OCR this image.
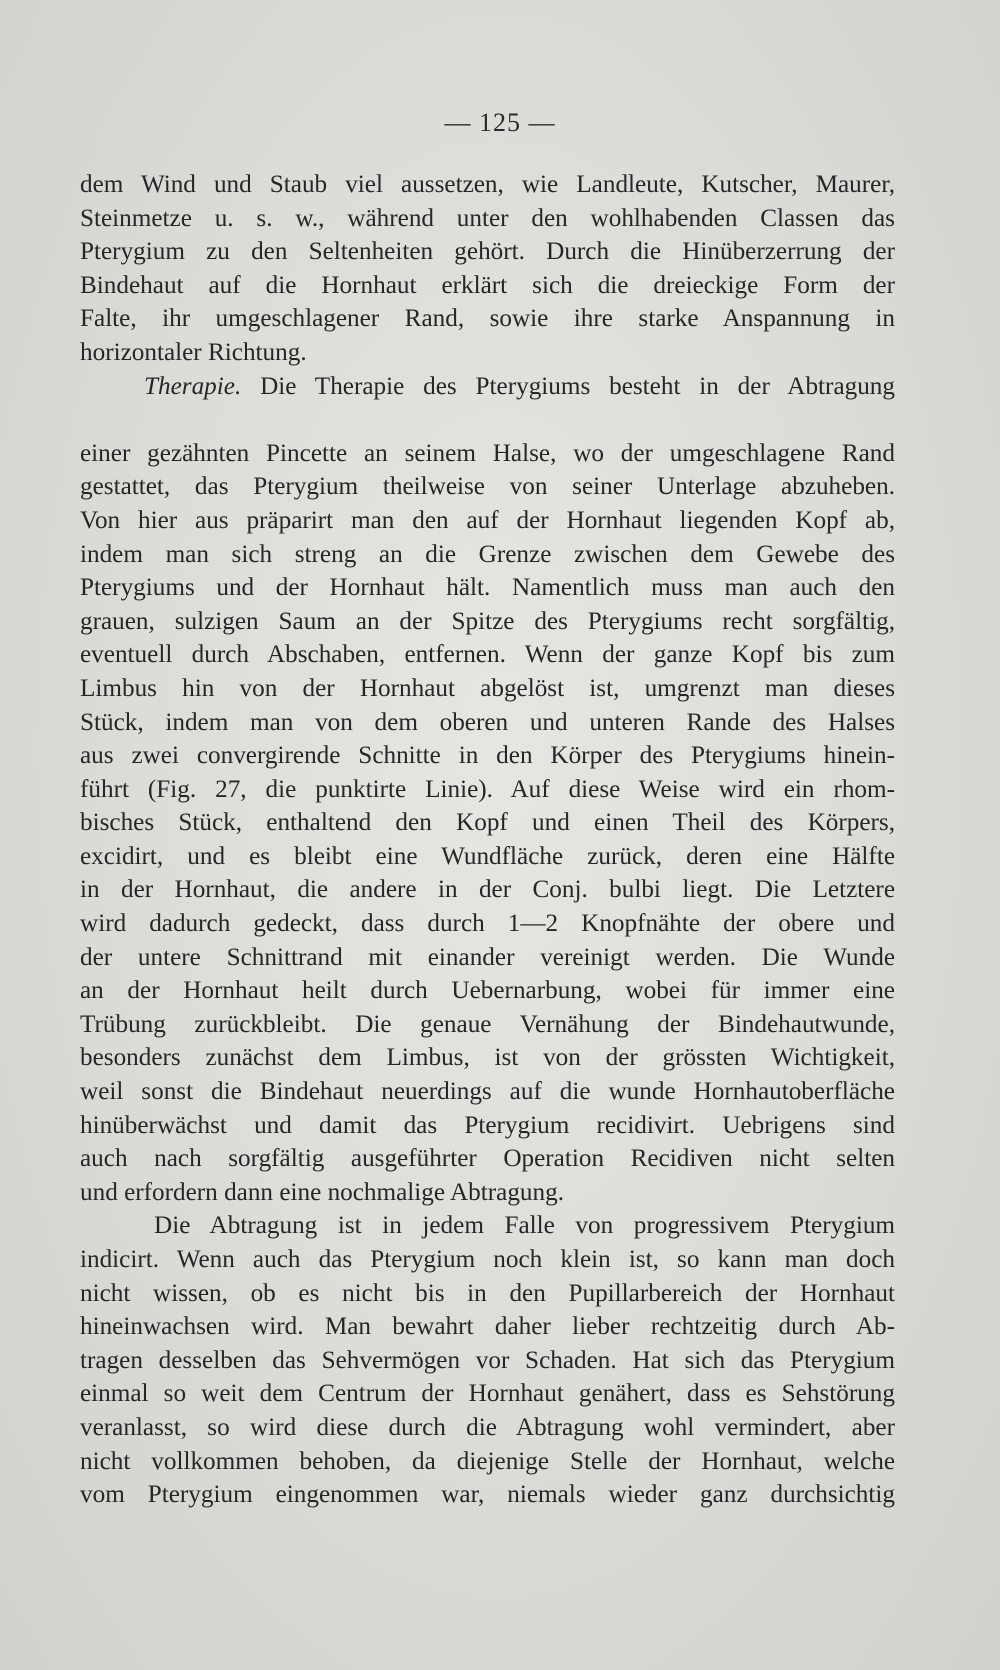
— 125 —
dem Wind und Staub viel aussetzen, wie Landleute, Kutscher, Maurer,
Steinmetze u. s. w., während unter den wohlhabenden Classen das
Pterygium zu den Seltenheiten gehört. Durch die Hinüberzerrung der
Bindehaut auf die Hornhaut erklärt sich die dreieckige Form der
Falte, ihr umgeschlagener Rand, sowie ihre starke Anspannung in
horizontaler Richtung.
Therapie. Die Therapie des Pterygiums besteht in der Abtragung

einer gezähnten Pincette an seinem Halse, wo der umgeschlagene Rand
gestattet, das Pterygium theilweise von seiner Unterlage abzuheben.
Von hier aus präparirt man den auf der Hornhaut liegenden Kopf ab,
indem man sich streng an die Grenze zwischen dem Gewebe des
Pterygiums und der Hornhaut hält. Namentlich muss man auch den
grauen, sulzigen Saum an der Spitze des Pterygiums recht sorgfältig,
eventuell durch Abschaben, entfernen. Wenn der ganze Kopf bis zum
Limbus hin von der Hornhaut abgelöst ist, umgrenzt man dieses
Stück, indem man von dem oberen und unteren Rande des Halses
aus zwei convergirende Schnitte in den Körper des Pterygiums hinein-
führt (Fig. 27, die punktirte Linie). Auf diese Weise wird ein rhom-
bisches Stück, enthaltend den Kopf und einen Theil des Körpers,
excidirt, und es bleibt eine Wundfläche zurück, deren eine Hälfte
in der Hornhaut, die andere in der Conj. bulbi liegt. Die Letztere
wird dadurch gedeckt, dass durch 1—2 Knopfnähte der obere und
der untere Schnittrand mit einander vereinigt werden. Die Wunde
an der Hornhaut heilt durch Uebernarbung, wobei für immer eine
Trübung zurückbleibt. Die genaue Vernähung der Bindehautwunde,
besonders zunächst dem Limbus, ist von der grössten Wichtigkeit,
weil sonst die Bindehaut neuerdings auf die wunde Hornhautoberfläche
hinüberwächst und damit das Pterygium recidivirt. Uebrigens sind
auch nach sorgfältig ausgeführter Operation Recidiven nicht selten
und erfordern dann eine nochmalige Abtragung.
Die Abtragung ist in jedem Falle von progressivem Pterygium
indicirt. Wenn auch das Pterygium noch klein ist, so kann man doch
nicht wissen, ob es nicht bis in den Pupillarbereich der Hornhaut
hineinwachsen wird. Man bewahrt daher lieber rechtzeitig durch Ab-
tragen desselben das Sehvermögen vor Schaden. Hat sich das Pterygium
einmal so weit dem Centrum der Hornhaut genähert, dass es Sehstörung
veranlasst, so wird diese durch die Abtragung wohl vermindert, aber
nicht vollkommen behoben, da diejenige Stelle der Hornhaut, welche
vom Pterygium eingenommen war, niemals wieder ganz durchsichtig
